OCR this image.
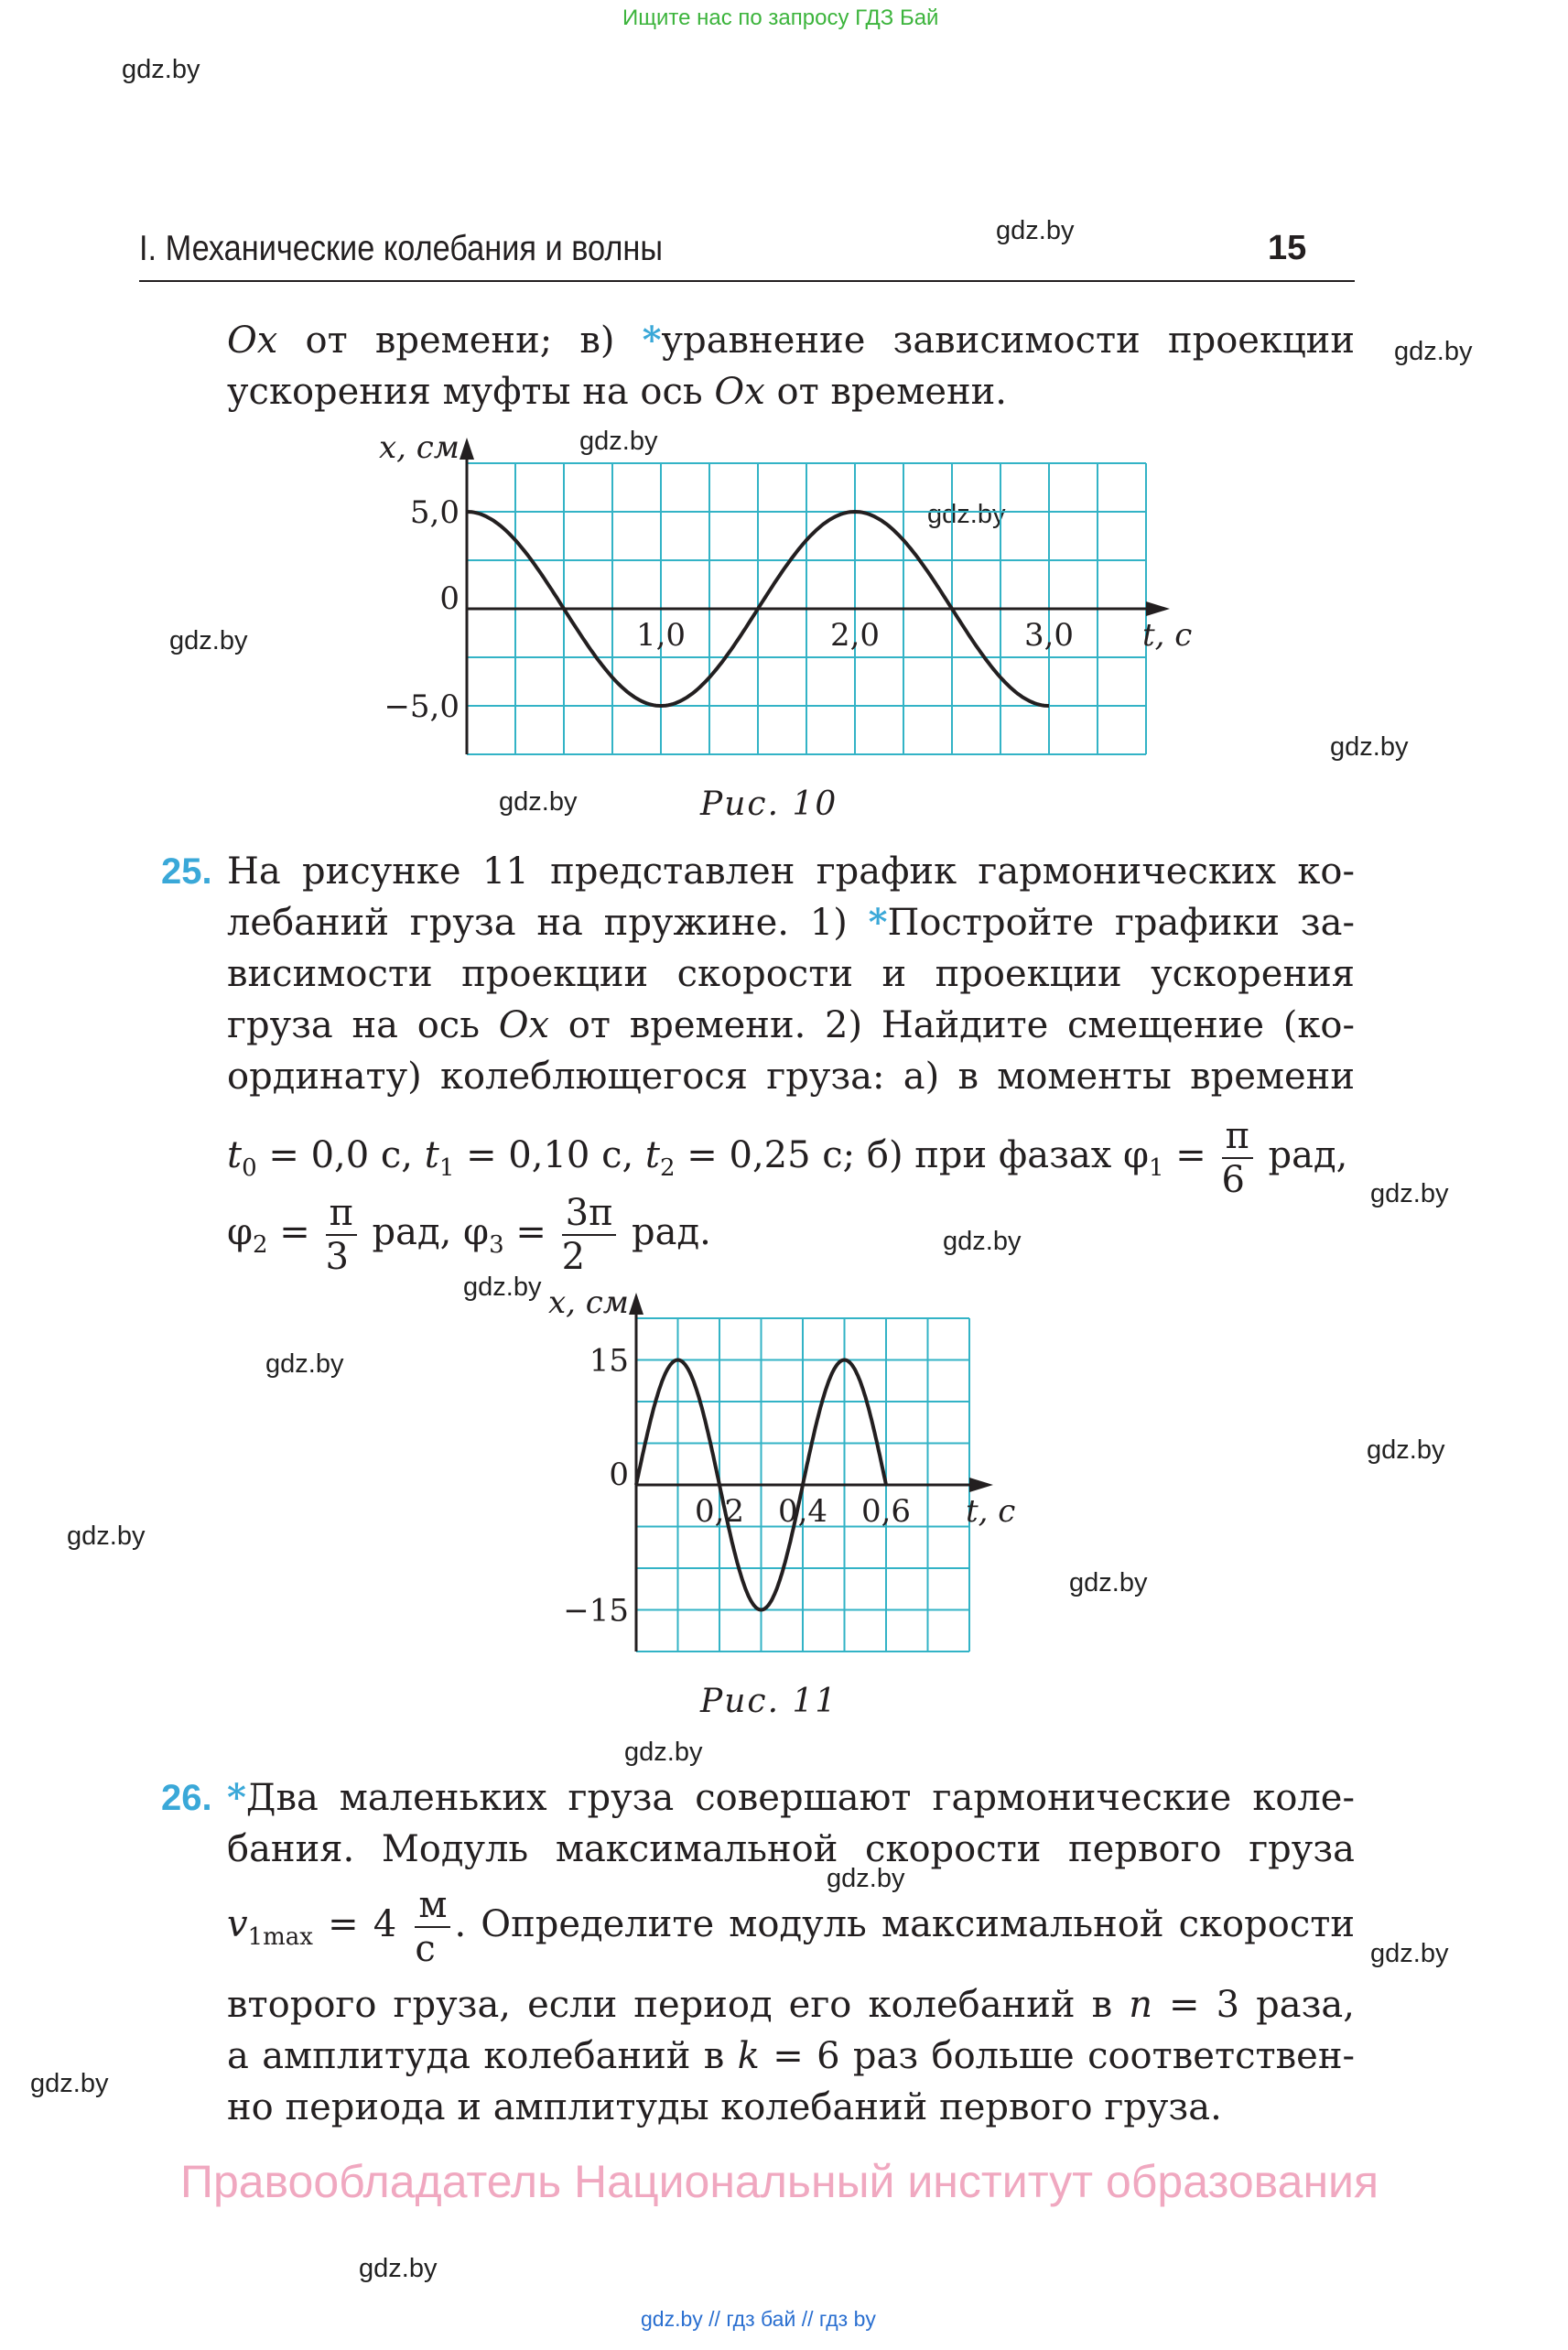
Ищите нас по запросу ГДЗ Бай
gdz.by
gdz.by
gdz.by
gdz.by
gdz.by
gdz.by
gdz.by
gdz.by
gdz.by
gdz.by
gdz.by
gdz.by
gdz.by
gdz.by
gdz.by
gdz.by
gdz.by
gdz.by
gdz.by
gdz.by
I. Механические колебания и волны	15
Ox от времени; в) *уравнение зависимости проекции
ускорения муфты на ось Ox от времени.
x, см
t, с
5,0
0
−5,0
1,0	2,0	3,0
Рис. 10
25. На рисунке 11 представлен график гармонических ко-
лебаний груза на пружине. 1) *Постройте графики за-
висимости проекции скорости и проекции ускорения
груза на ось Ox от времени. 2) Найдите смещение (ко-
ординату) колеблющегося груза: а) в моменты времени
$t_0 = 0,0$ с, $t_1 = 0,10$ с, $t_2 = 0,25$ с; б) при фазах $\varphi_1 = \frac{\pi}{6}$ рад,
$\varphi_2 = \frac{\pi}{3}$ рад, $\varphi_3 = \frac{3\pi}{2}$ рад.
x, см
t, с
15
0
−15
0,2 0,4 0,6
Рис. 11
26. *Два маленьких груза совершают гармонические коле-
бания. Модуль максимальной скорости первого груза
$v_{1max} = 4 \frac{м}{с}$ . Определите модуль максимальной скорости
второго груза, если период его колебаний в n = 3 раза,
а амплитуда колебаний в k = 6 раз больше соответствен-
но периода и амплитуды колебаний первого груза.
Правообладатель Национальный институт образования
gdz.by // гдз бай // гдз by
